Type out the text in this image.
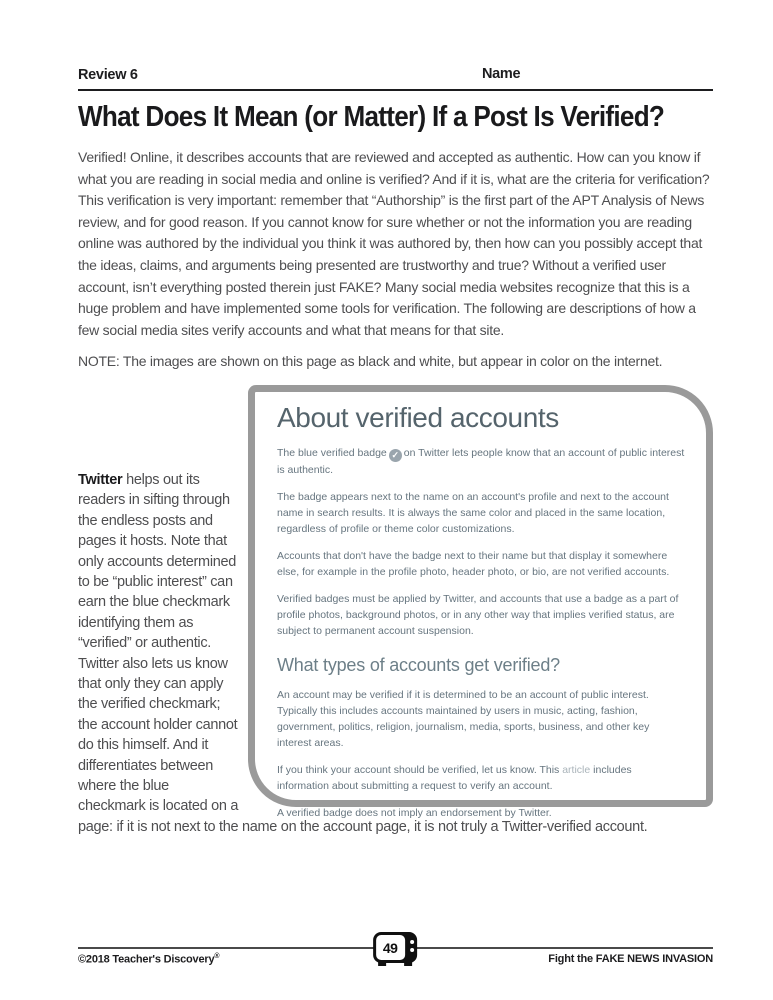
Review 6	Name
What Does It Mean (or Matter) If a Post Is Verified?

Verified! Online, it describes accounts that are reviewed and accepted as authentic. How can you know if what you are reading in social media and online is verified? And if it is, what are the criteria for verification? This verification is very important: remember that “Authorship” is the first part of the APT Analysis of News review, and for good reason. If you cannot know for sure whether or not the information you are reading online was authored by the individual you think it was authored by, then how can you possibly accept that the ideas, claims, and arguments being presented are trustworthy and true? Without a verified user account, isn’t everything posted therein just FAKE? Many social media websites recognize that this is a huge problem and have implemented some tools for verification. The following are descriptions of how a few social media sites verify accounts and what that means for that site.

NOTE: The images are shown on this page as black and white, but appear in color on the internet.

About verified accounts

The blue verified badge ✓ on Twitter lets people know that an account of public interest is authentic.

The badge appears next to the name on an account's profile and next to the account name in search results. It is always the same color and placed in the same location, regardless of profile or theme color customizations.

Accounts that don't have the badge next to their name but that display it somewhere else, for example in the profile photo, header photo, or bio, are not verified accounts.

Verified badges must be applied by Twitter, and accounts that use a badge as a part of profile photos, background photos, or in any other way that implies verified status, are subject to permanent account suspension.

What types of accounts get verified?

An account may be verified if it is determined to be an account of public interest. Typically this includes accounts maintained by users in music, acting, fashion, government, politics, religion, journalism, media, sports, business, and other key interest areas.

If you think your account should be verified, let us know. This article includes information about submitting a request to verify an account.

A verified badge does not imply an endorsement by Twitter.

Twitter helps out its readers in sifting through the endless posts and pages it hosts. Note that only accounts determined to be “public interest” can earn the blue checkmark identifying them as “verified” or authentic. Twitter also lets us know that only they can apply the verified checkmark; the account holder cannot do this himself. And it differentiates between where the blue checkmark is located on a page: if it is not next to the name on the account page, it is not truly a Twitter-verified account.

©2018 Teacher's Discovery®
49
Fight the FAKE NEWS INVASION
